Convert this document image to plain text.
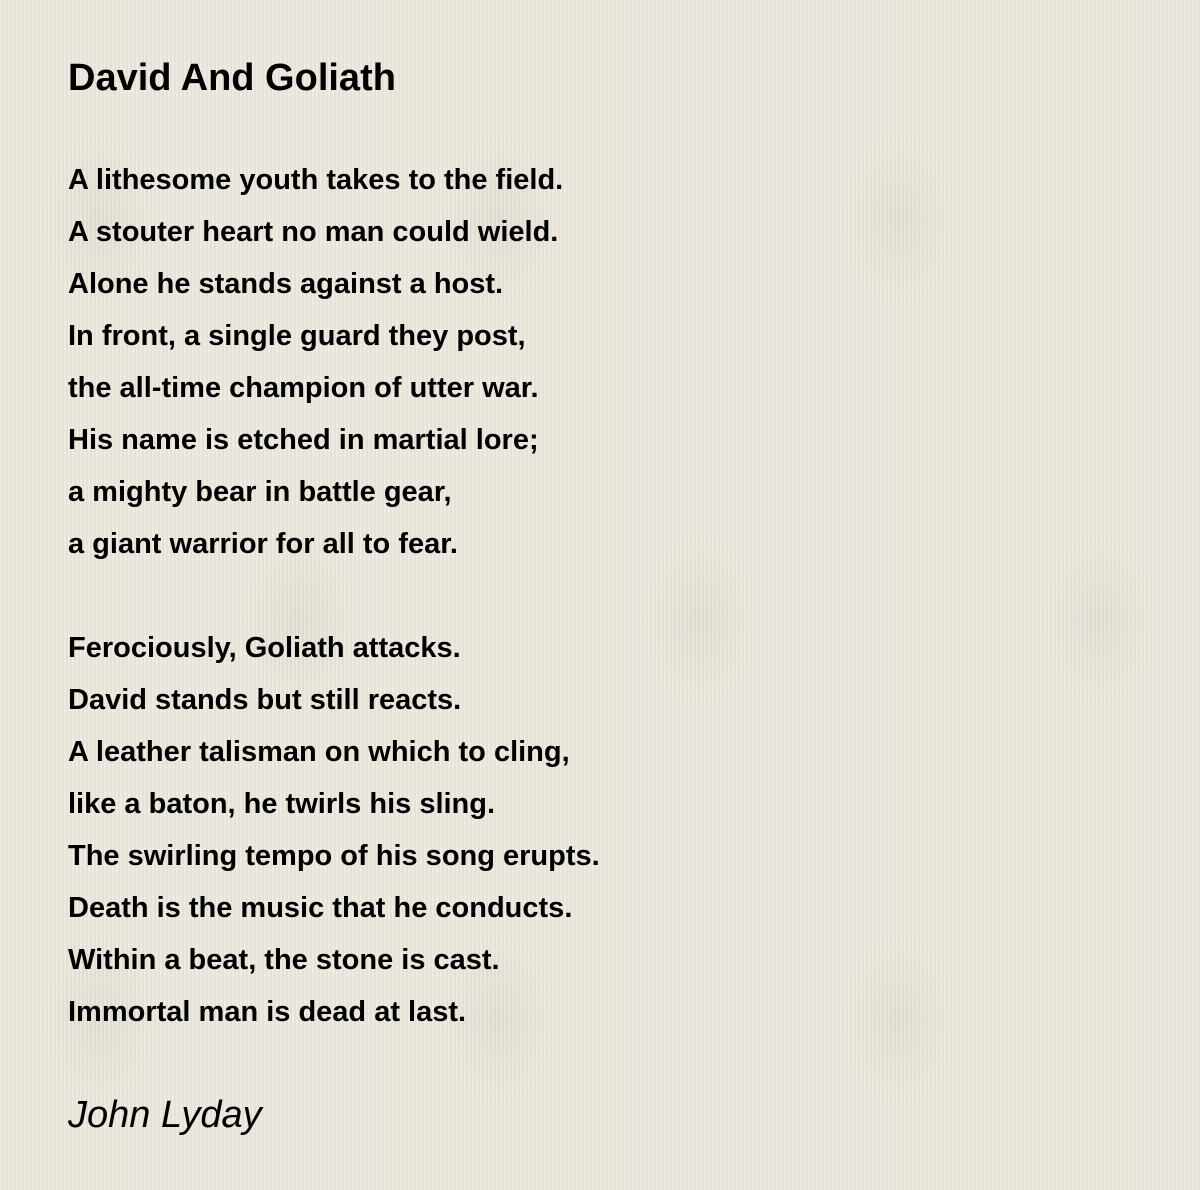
David And Goliath
A lithesome youth takes to the field.
A stouter heart no man could wield.
Alone he stands against a host.
In front, a single guard they post,
the all-time champion of utter war.
His name is etched in martial lore;
a mighty bear in battle gear,
a giant warrior for all to fear.
Ferociously, Goliath attacks.
David stands but still reacts.
A leather talisman on which to cling,
like a baton, he twirls his sling.
The swirling tempo of his song erupts.
Death is the music that he conducts.
Within a beat, the stone is cast.
Immortal man is dead at last.

John Lyday
